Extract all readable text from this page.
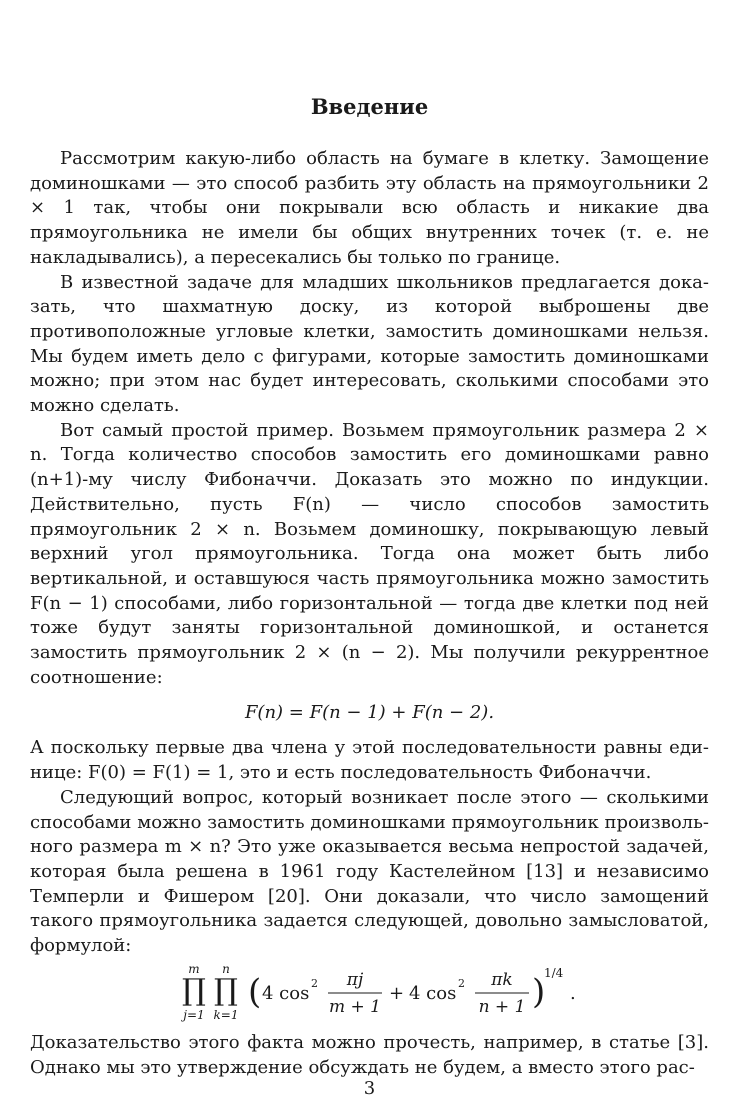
Введение

Рассмотрим какую-либо область на бумаге в клетку. Замощение доминошками — это способ разбить эту область на прямоугольники 2 × 1 так, чтобы они покрывали всю область и никакие два прямоугольника не имели бы общих внутренних точек (т. е. не накладывались), а пересекались бы только по границе.

В известной задаче для младших школьников предлагается доказать, что шахматную доску, из которой выброшены две противоположные угловые клетки, замостить доминошками нельзя. Мы будем иметь дело с фигурами, которые замостить доминошками можно; при этом нас будет интересовать, сколькими способами это можно сделать.

Вот самый простой пример. Возьмем прямоугольник размера 2 × n. Тогда количество способов замостить его доминошками равно (n+1)-му числу Фибоначчи. Доказать это можно по индукции. Действительно, пусть F(n) — число способов замостить прямоугольник 2 × n. Возьмем доминошку, покрывающую левый верхний угол прямоугольника. Тогда она может быть либо вертикальной, и оставшуюся часть прямоугольника можно замостить F(n − 1) способами, либо горизонтальной — тогда две клетки под ней тоже будут заняты горизонтальной доминошкой, и останется замостить прямоугольник 2 × (n − 2). Мы получили рекуррентное соотношение:

F(n) = F(n − 1) + F(n − 2).

А поскольку первые два члена у этой последовательности равны единице: F(0) = F(1) = 1, это и есть последовательность Фибоначчи.

Следующий вопрос, который возникает после этого — сколькими способами можно замостить доминошками прямоугольник произвольного размера m × n? Это уже оказывается весьма непростой задачей, которая была решена в 1961 году Кастелейном [13] и независимо Темперли и Фишером [20]. Они доказали, что число замощений такого прямоугольника задается следующей, довольно замысловатой, формулой:

m
∏
j=1
n
∏
k=1
( 4 cos 2 πj
m + 1
+ 4 cos 2 πk
n + 1 )
1/4
.

Доказательство этого факта можно прочесть, например, в статье [3]. Однако мы это утверждение обсуждать не будем, а вместо этого рас-

3
